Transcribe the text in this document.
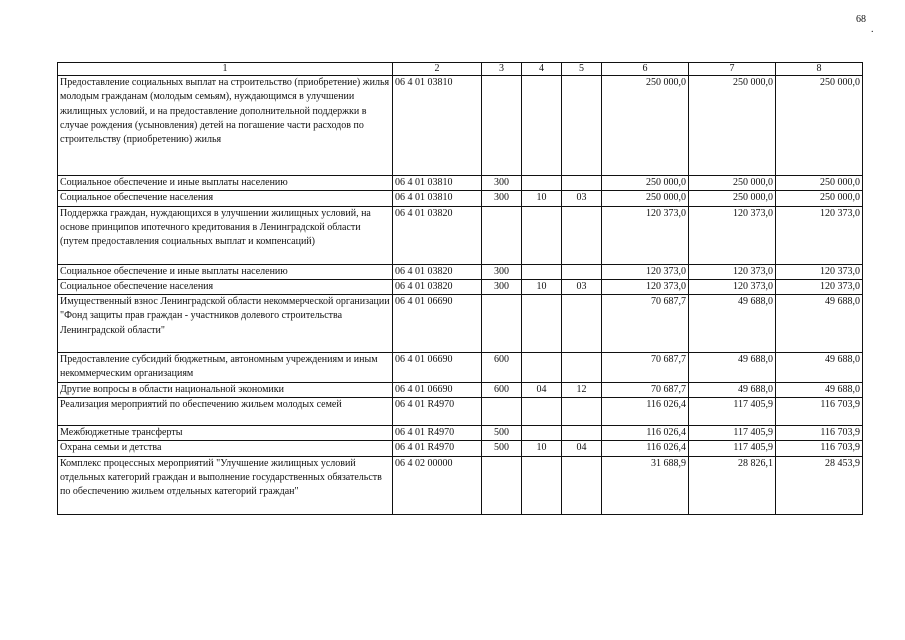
68
1	2	3	4	5	6	7	8
Предоставление социальных выплат на строительство (приобретение) жилья молодым гражданам (молодым семьям), нуждающимся в улучшении жилищных условий, и на предоставление дополнительной поддержки в случае рождения (усыновления) детей на погашение части расходов по строительству (приобретению) жилья	06 4 01 03810				250 000,0	250 000,0	250 000,0
Социальное обеспечение и иные выплаты населению	06 4 01 03810	300			250 000,0	250 000,0	250 000,0
Социальное обеспечение населения	06 4 01 03810	300	10	03	250 000,0	250 000,0	250 000,0
Поддержка граждан, нуждающихся в улучшении жилищных условий, на основе принципов ипотечного кредитования в Ленинградской области (путем предоставления социальных выплат и компенсаций)	06 4 01 03820				120 373,0	120 373,0	120 373,0
Социальное обеспечение и иные выплаты населению	06 4 01 03820	300			120 373,0	120 373,0	120 373,0
Социальное обеспечение населения	06 4 01 03820	300	10	03	120 373,0	120 373,0	120 373,0
Имущественный взнос Ленинградской области некоммерческой организации "Фонд защиты прав граждан - участников долевого строительства Ленинградской области"	06 4 01 06690				70 687,7	49 688,0	49 688,0
Предоставление субсидий бюджетным, автономным учреждениям и иным некоммерческим организациям	06 4 01 06690	600			70 687,7	49 688,0	49 688,0
Другие вопросы в области национальной экономики	06 4 01 06690	600	04	12	70 687,7	49 688,0	49 688,0
Реализация мероприятий по обеспечению жильем молодых семей	06 4 01 R4970				116 026,4	117 405,9	116 703,9
Межбюджетные трансферты	06 4 01 R4970	500			116 026,4	117 405,9	116 703,9
Охрана семьи и детства	06 4 01 R4970	500	10	04	116 026,4	117 405,9	116 703,9
Комплекс процессных мероприятий "Улучшение жилищных условий отдельных категорий граждан и выполнение государственных обязательств по обеспечению жильем отдельных категорий граждан"	06 4 02 00000				31 688,9	28 826,1	28 453,9
.
